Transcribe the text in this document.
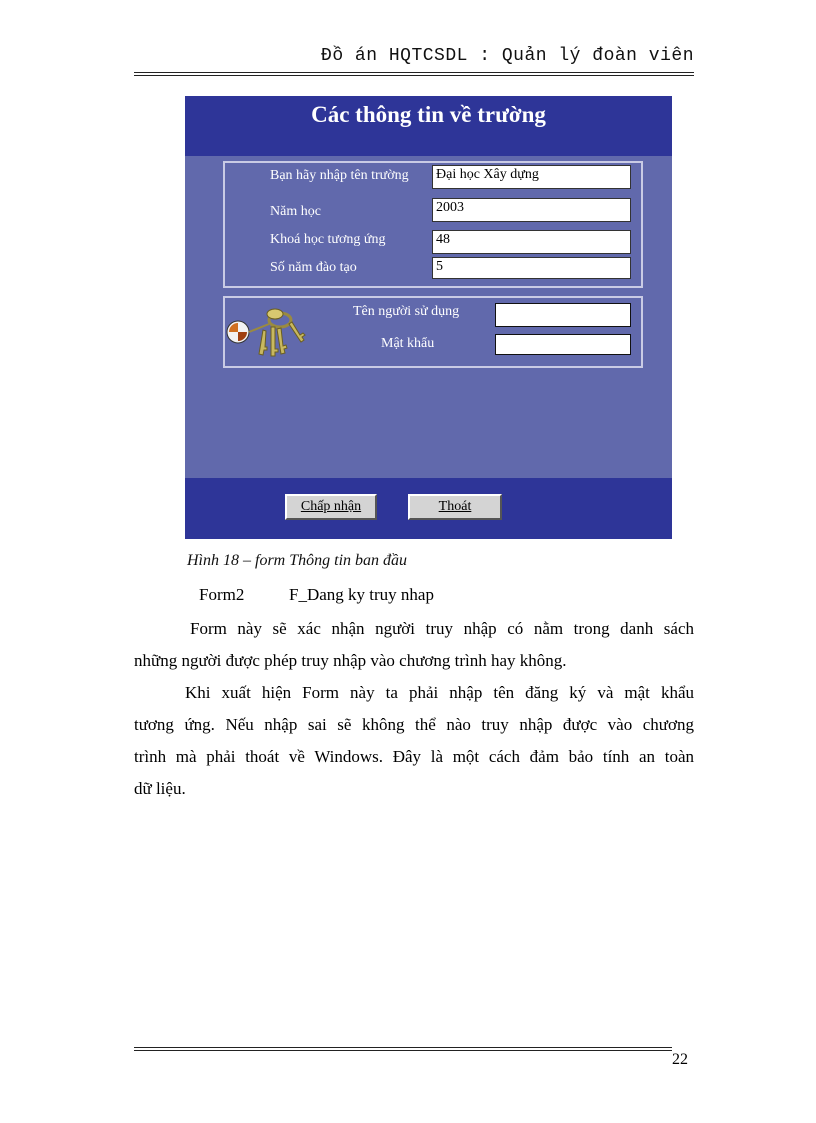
Đồ án HQTCSDL : Quản lý đoàn viên
Các thông tin về trường
Bạn hãy nhập tên trường Đại học Xây dựng
Năm học	2003
Khoá học tương ứng	48
Số năm đào tạo	5
Tên người sử dụng
Mật khẩu
Chấp nhận	Thoát
Hình 18 – form Thông tin ban đầu
Form2	F_Dang ky truy nhap
Form này sẽ xác nhận người truy nhập có nằm trong danh sách
những người được phép truy nhập vào chương trình hay không.
Khi xuất hiện Form này ta phải nhập tên đăng ký và mật khẩu
tương ứng. Nếu nhập sai sẽ không thể nào truy nhập được vào chương
trình mà phải thoát về Windows. Đây là một cách đảm bảo tính an toàn
dữ liệu.
22
